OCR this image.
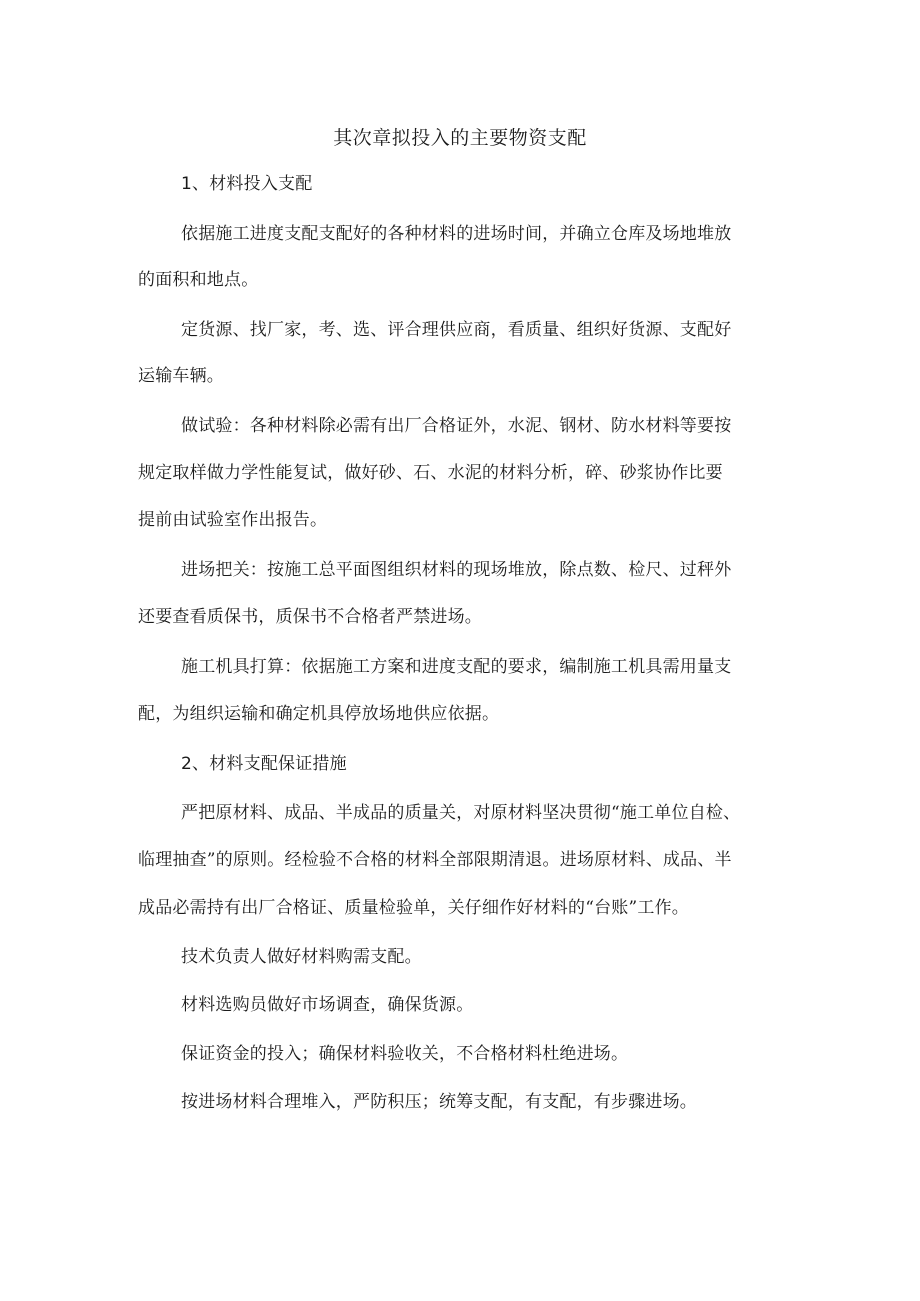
其次章拟投入的主要物资支配
1、材料投入支配
依据施工进度支配支配好的各种材料的进场时间，并确立仓库及场地堆放
的面积和地点。
定货源、找厂家，考、选、评合理供应商，看质量、组织好货源、支配好
运输车辆。
做试验：各种材料除必需有出厂合格证外，水泥、钢材、防水材料等要按
规定取样做力学性能复试，做好砂、石、水泥的材料分析，碎、砂浆协作比要
提前由试验室作出报告。
进场把关：按施工总平面图组织材料的现场堆放，除点数、检尺、过秤外
还要查看质保书，质保书不合格者严禁进场。
施工机具打算：依据施工方案和进度支配的要求，编制施工机具需用量支
配，为组织运输和确定机具停放场地供应依据。
2、材料支配保证措施
严把原材料、成品、半成品的质量关，对原材料坚决贯彻“施工单位自检、
临理抽查”的原则。经检验不合格的材料全部限期清退。进场原材料、成品、半
成品必需持有出厂合格证、质量检验单，关仔细作好材料的“台账”工作。
技术负责人做好材料购需支配。
材料选购员做好市场调查，确保货源。
保证资金的投入；确保材料验收关，不合格材料杜绝进场。
按进场材料合理堆入，严防积压；统筹支配，有支配，有步骤进场。
